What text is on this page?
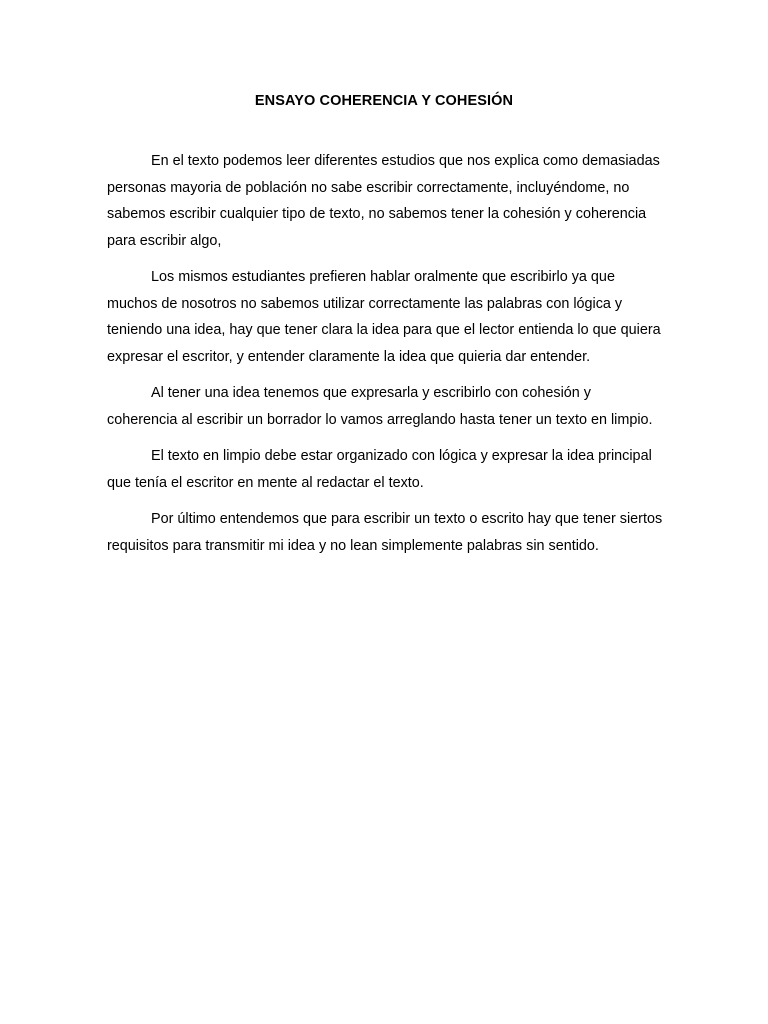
ENSAYO COHERENCIA Y COHESIÓN

En el texto podemos leer diferentes estudios que nos explica como demasiadas personas mayoria de población no sabe escribir correctamente, incluyéndome, no sabemos escribir cualquier tipo de texto, no sabemos tener la cohesión y coherencia para escribir algo,

Los mismos estudiantes prefieren hablar oralmente que escribirlo ya que muchos de nosotros no sabemos utilizar correctamente las palabras con lógica y teniendo una idea, hay que tener clara la idea para que el lector entienda lo que quiera expresar el escritor, y entender claramente la idea que quieria dar entender.

Al tener una idea tenemos que expresarla y escribirlo con cohesión y coherencia al escribir un borrador lo vamos arreglando hasta tener un texto en limpio.

El texto en limpio debe estar organizado con lógica y expresar la idea principal que tenía el escritor en mente al redactar el texto.

Por último entendemos que para escribir un texto o escrito hay que tener siertos requisitos para transmitir mi idea y no lean simplemente palabras sin sentido.
